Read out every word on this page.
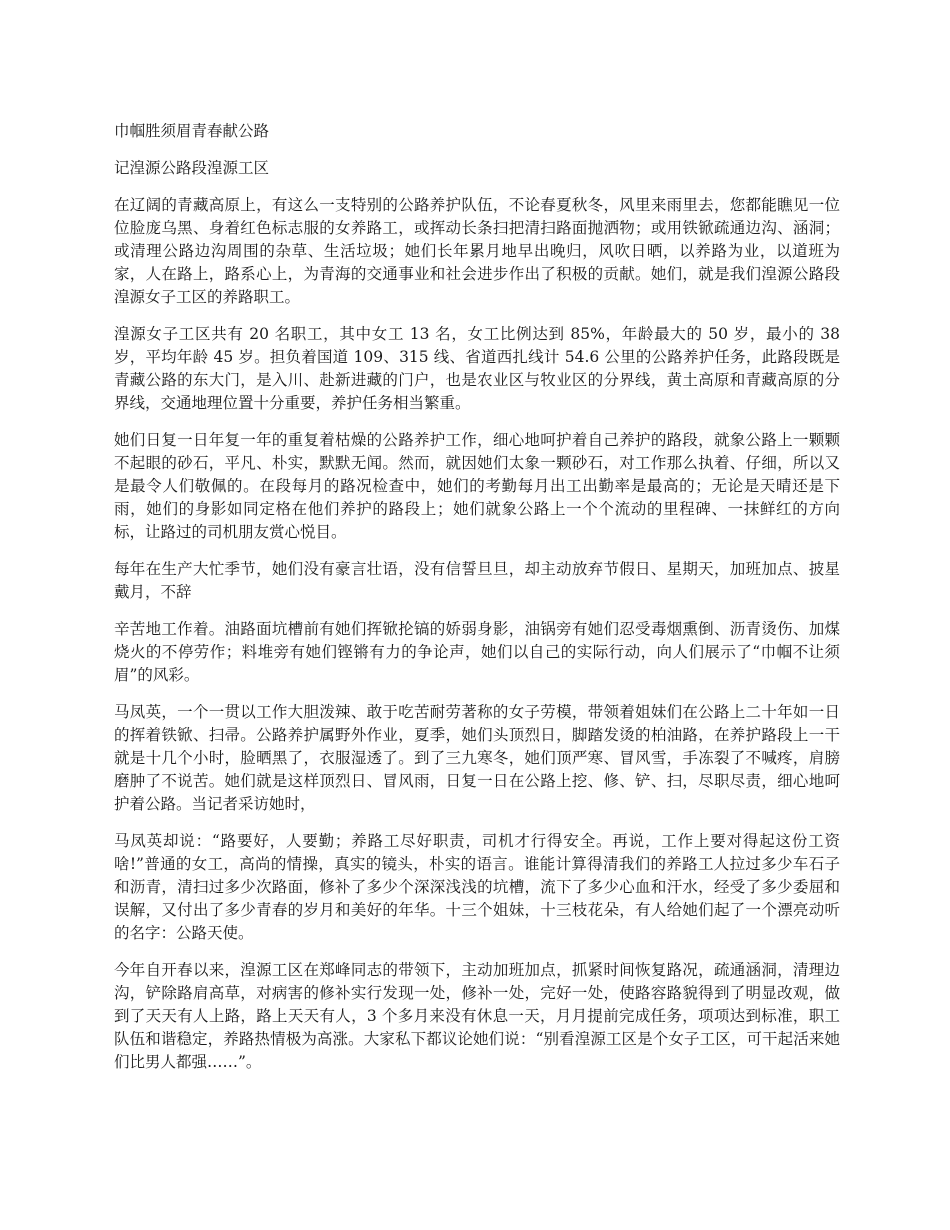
巾帼胜须眉青春献公路
记湟源公路段湟源工区

在辽阔的青藏高原上，有这么一支特别的公路养护队伍，不论春夏秋冬，风里来雨里去，您都能瞧见一位位脸庞乌黑、身着红色标志服的女养路工，或挥动长条扫把清扫路面抛洒物；或用铁锨疏通边沟、涵洞；或清理公路边沟周围的杂草、生活垃圾；她们长年累月地早出晚归，风吹日晒，以养路为业，以道班为家，人在路上，路系心上，为青海的交通事业和社会进步作出了积极的贡献。她们，就是我们湟源公路段湟源女子工区的养路职工。

湟源女子工区共有 20 名职工，其中女工 13 名，女工比例达到 85%，年龄最大的 50 岁，最小的 38 岁，平均年龄 45 岁。担负着国道 109、315 线、省道西扎线计 54.6 公里的公路养护任务，此路段既是青藏公路的东大门，是入川、赴新进藏的门户，也是农业区与牧业区的分界线，黄土高原和青藏高原的分界线，交通地理位置十分重要，养护任务相当繁重。

她们日复一日年复一年的重复着枯燥的公路养护工作，细心地呵护着自己养护的路段，就象公路上一颗颗不起眼的砂石，平凡、朴实，默默无闻。然而，就因她们太象一颗砂石，对工作那么执着、仔细，所以又是最令人们敬佩的。在段每月的路况检查中，她们的考勤每月出工出勤率是最高的；无论是天晴还是下雨，她们的身影如同定格在他们养护的路段上；她们就象公路上一个个流动的里程碑、一抹鲜红的方向标，让路过的司机朋友赏心悦目。

每年在生产大忙季节，她们没有豪言壮语，没有信誓旦旦，却主动放弃节假日、星期天，加班加点、披星戴月，不辞

辛苦地工作着。油路面坑槽前有她们挥锨抡镐的娇弱身影，油锅旁有她们忍受毒烟熏倒、沥青烫伤、加煤烧火的不停劳作；料堆旁有她们铿锵有力的争论声，她们以自己的实际行动，向人们展示了“巾帼不让须眉”的风彩。

马凤英，一个一贯以工作大胆泼辣、敢于吃苦耐劳著称的女子劳模，带领着姐妹们在公路上二十年如一日的挥着铁锨、扫帚。公路养护属野外作业，夏季，她们头顶烈日，脚踏发烫的柏油路，在养护路段上一干就是十几个小时，脸晒黑了，衣服湿透了。到了三九寒冬，她们顶严寒、冒风雪，手冻裂了不喊疼，肩膀磨肿了不说苦。她们就是这样顶烈日、冒风雨，日复一日在公路上挖、修、铲、扫，尽职尽责，细心地呵护着公路。当记者采访她时，

马凤英却说：“路要好，人要勤；养路工尽好职责，司机才行得安全。再说，工作上要对得起这份工资啥!”普通的女工，高尚的情操，真实的镜头，朴实的语言。谁能计算得清我们的养路工人拉过多少车石子和沥青，清扫过多少次路面，修补了多少个深深浅浅的坑槽，流下了多少心血和汗水，经受了多少委屈和误解，又付出了多少青春的岁月和美好的年华。十三个姐妹，十三枝花朵，有人给她们起了一个漂亮动听的名字：公路天使。

今年自开春以来，湟源工区在郑峰同志的带领下，主动加班加点，抓紧时间恢复路况，疏通涵洞，清理边沟，铲除路肩高草，对病害的修补实行发现一处，修补一处，完好一处，使路容路貌得到了明显改观，做到了天天有人上路，路上天天有人，3 个多月来没有休息一天，月月提前完成任务，项项达到标准，职工队伍和谐稳定，养路热情极为高涨。大家私下都议论她们说：“别看湟源工区是个女子工区，可干起活来她们比男人都强……”。
